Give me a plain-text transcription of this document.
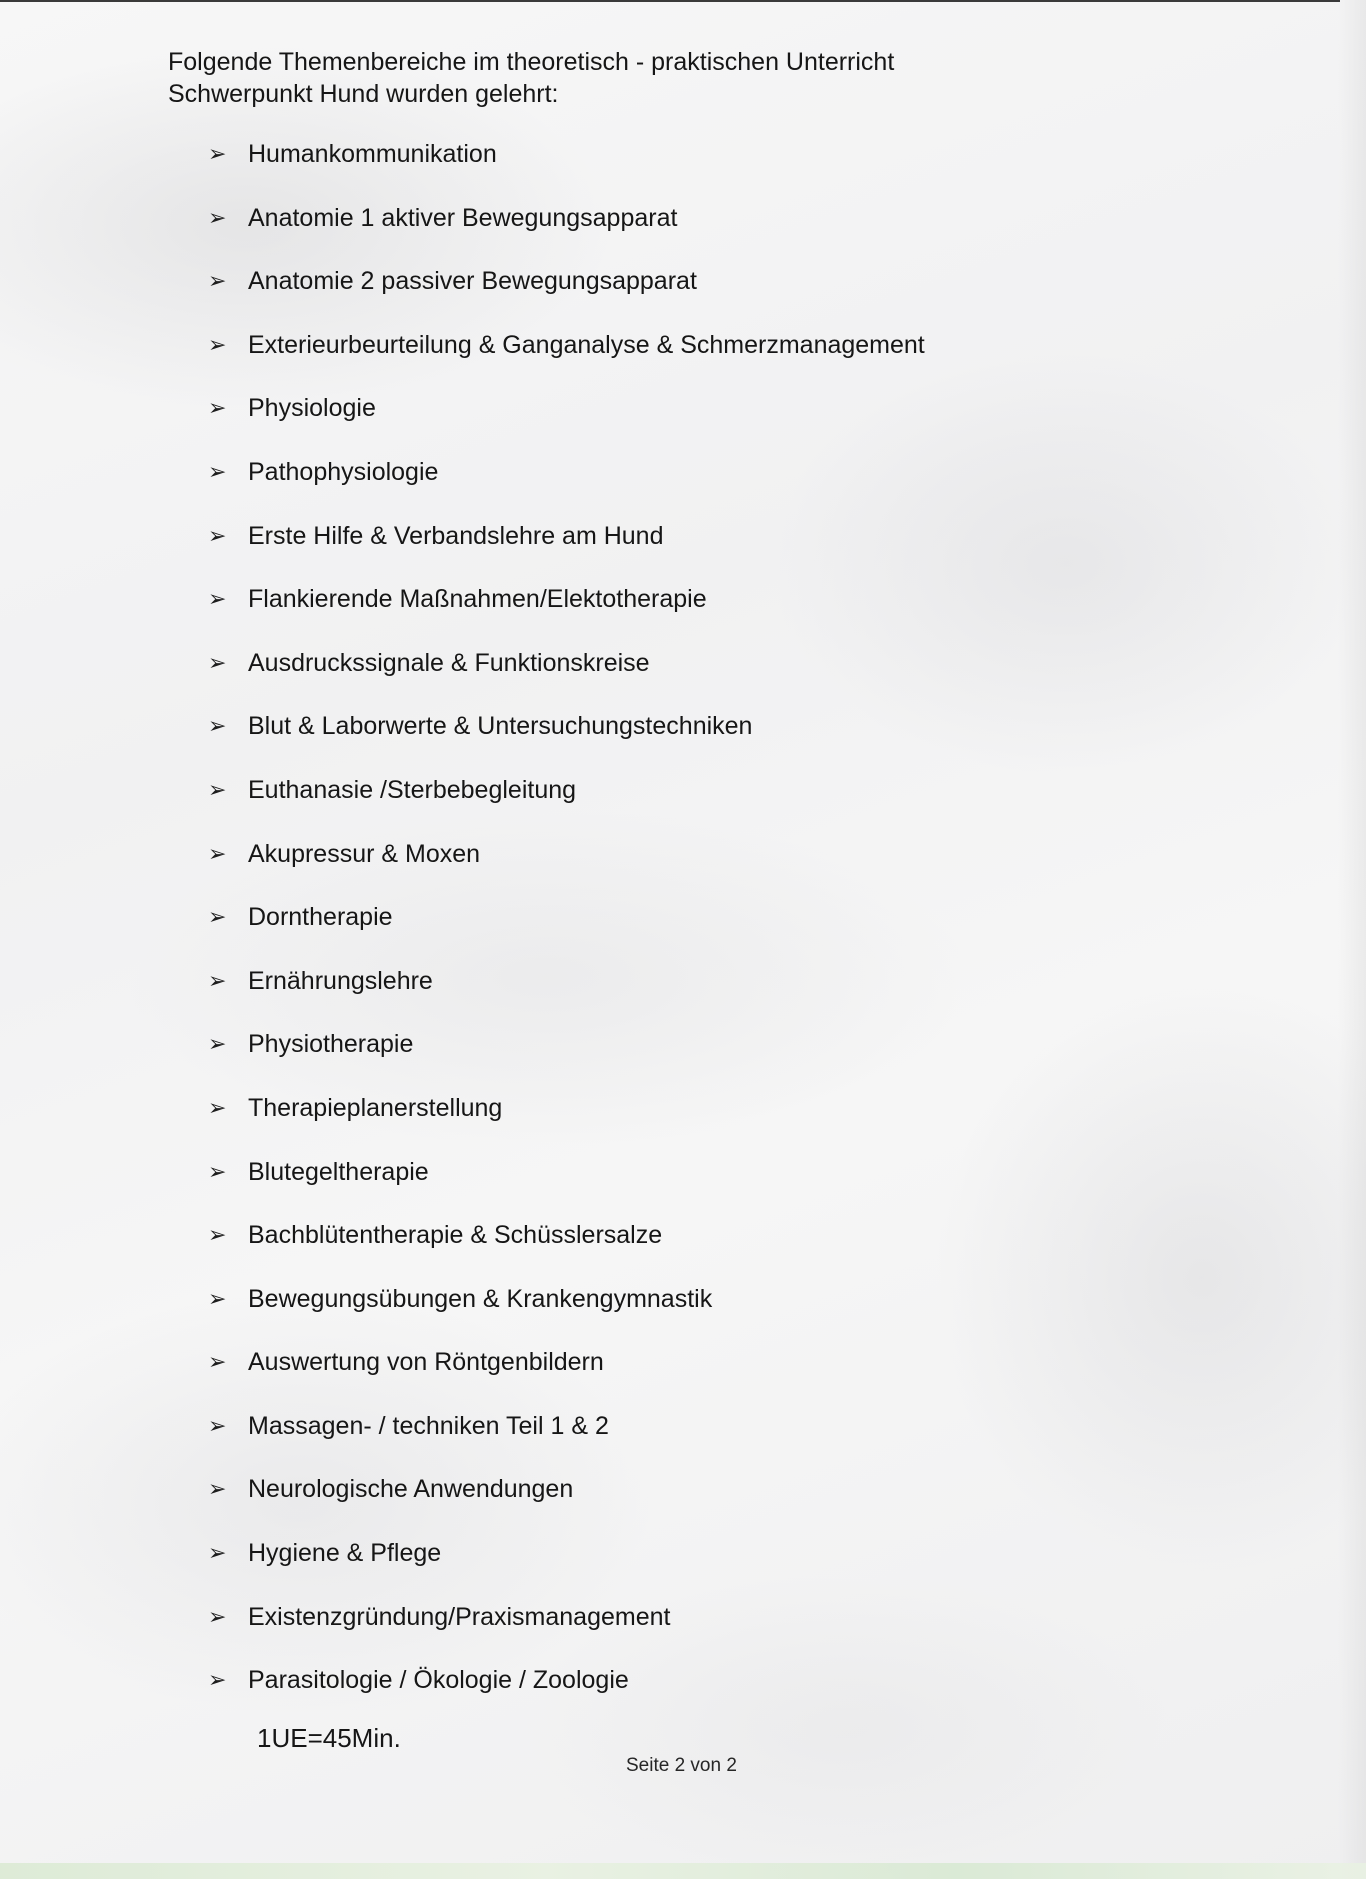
Folgende Themenbereiche im theoretisch - praktischen Unterricht
Schwerpunkt Hund wurden gelehrt:

➢ Humankommunikation
➢ Anatomie 1 aktiver Bewegungsapparat
➢ Anatomie 2 passiver Bewegungsapparat
➢ Exterieurbeurteilung & Ganganalyse & Schmerzmanagement
➢ Physiologie
➢ Pathophysiologie
➢ Erste Hilfe & Verbandslehre am Hund
➢ Flankierende Maßnahmen/Elektotherapie
➢ Ausdruckssignale & Funktionskreise
➢ Blut & Laborwerte & Untersuchungstechniken
➢ Euthanasie /Sterbebegleitung
➢ Akupressur & Moxen
➢ Dorntherapie
➢ Ernährungslehre
➢ Physiotherapie
➢ Therapieplanerstellung
➢ Blutegeltherapie
➢ Bachblütentherapie & Schüsslersalze
➢ Bewegungsübungen & Krankengymnastik
➢ Auswertung von Röntgenbildern
➢ Massagen- / techniken Teil 1 & 2
➢ Neurologische Anwendungen
➢ Hygiene & Pflege
➢ Existenzgründung/Praxismanagement
➢ Parasitologie / Ökologie / Zoologie

1UE=45Min.

Seite 2 von 2
